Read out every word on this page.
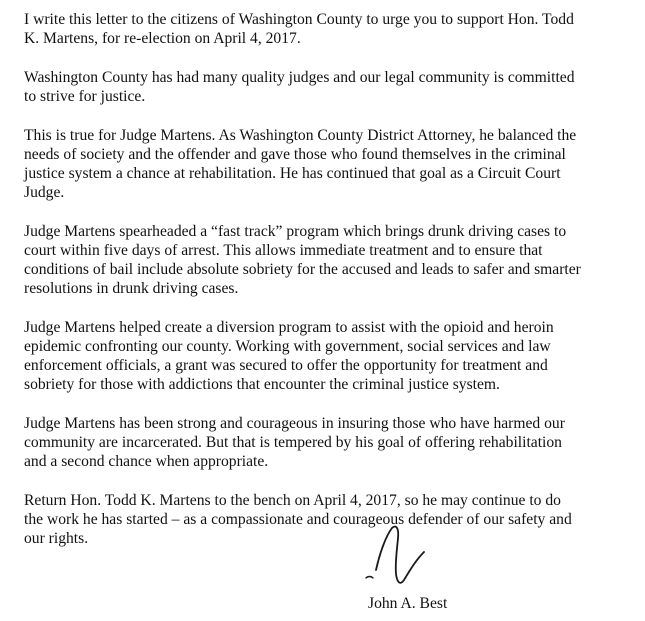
I write this letter to the citizens of Washington County to urge you to support Hon. Todd
K. Martens, for re-election on April 4, 2017.

Washington County has had many quality judges and our legal community is committed
to strive for justice.

This is true for Judge Martens. As Washington County District Attorney, he balanced the
needs of society and the offender and gave those who found themselves in the criminal
justice system a chance at rehabilitation. He has continued that goal as a Circuit Court
Judge.

Judge Martens spearheaded a “fast track” program which brings drunk driving cases to
court within five days of arrest. This allows immediate treatment and to ensure that
conditions of bail include absolute sobriety for the accused and leads to safer and smarter
resolutions in drunk driving cases.

Judge Martens helped create a diversion program to assist with the opioid and heroin
epidemic confronting our county. Working with government, social services and law
enforcement officials, a grant was secured to offer the opportunity for treatment and
sobriety for those with addictions that encounter the criminal justice system.

Judge Martens has been strong and courageous in insuring those who have harmed our
community are incarcerated. But that is tempered by his goal of offering rehabilitation
and a second chance when appropriate.

Return Hon. Todd K. Martens to the bench on April 4, 2017, so he may continue to do
the work he has started – as a compassionate and courageous defender of our safety and
our rights.

John A. Best
